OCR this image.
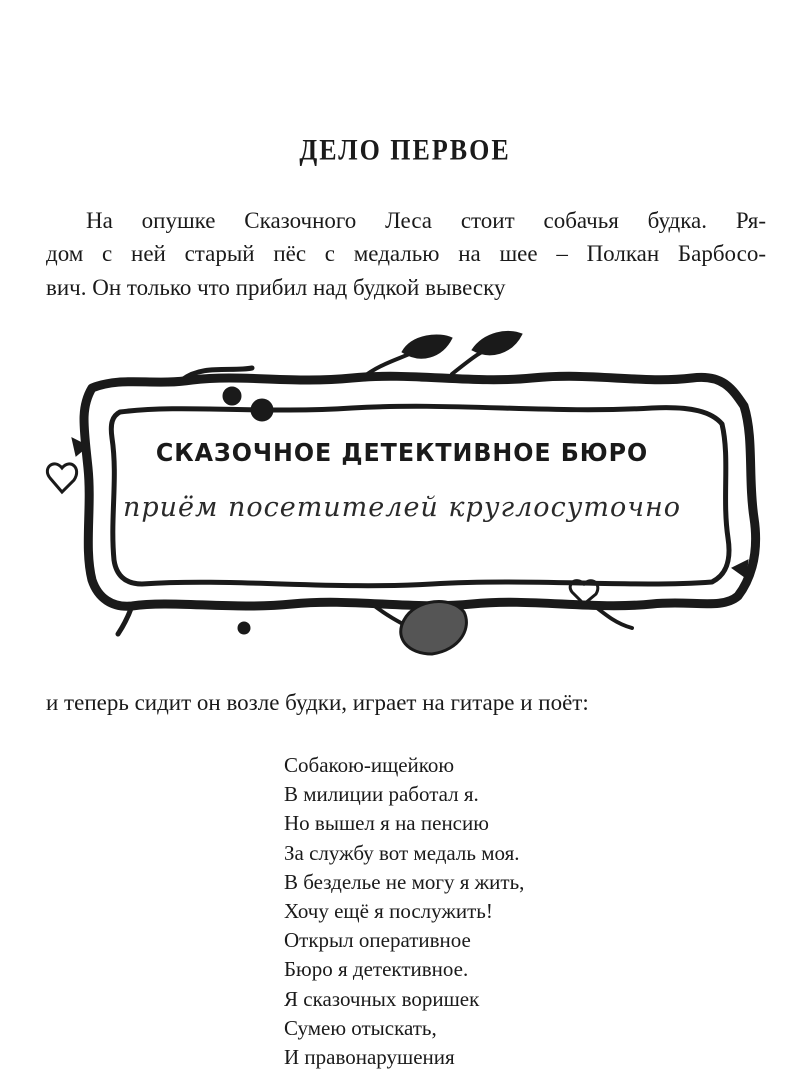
ДЕЛО ПЕРВОЕ
На опушке Сказочного Леса стоит собачья будка. Ря-
дом с ней старый пёс с медалью на шее – Полкан Барбосо-
вич. Он только что прибил над будкой вывеску
СКАЗОЧНОЕ ДЕТЕКТИВНОЕ БЮРО
приём посетителей круглосуточно
и теперь сидит он возле будки, играет на гитаре и поёт:
Собакою-ищейкою
В милиции работал я.
Но вышел я на пенсию
За службу вот медаль моя.
В безделье не могу я жить,
Хочу ещё я послужить!
Открыл оперативное
Бюро я детективное.
Я сказочных воришек
Сумею отыскать,
И правонарушения
